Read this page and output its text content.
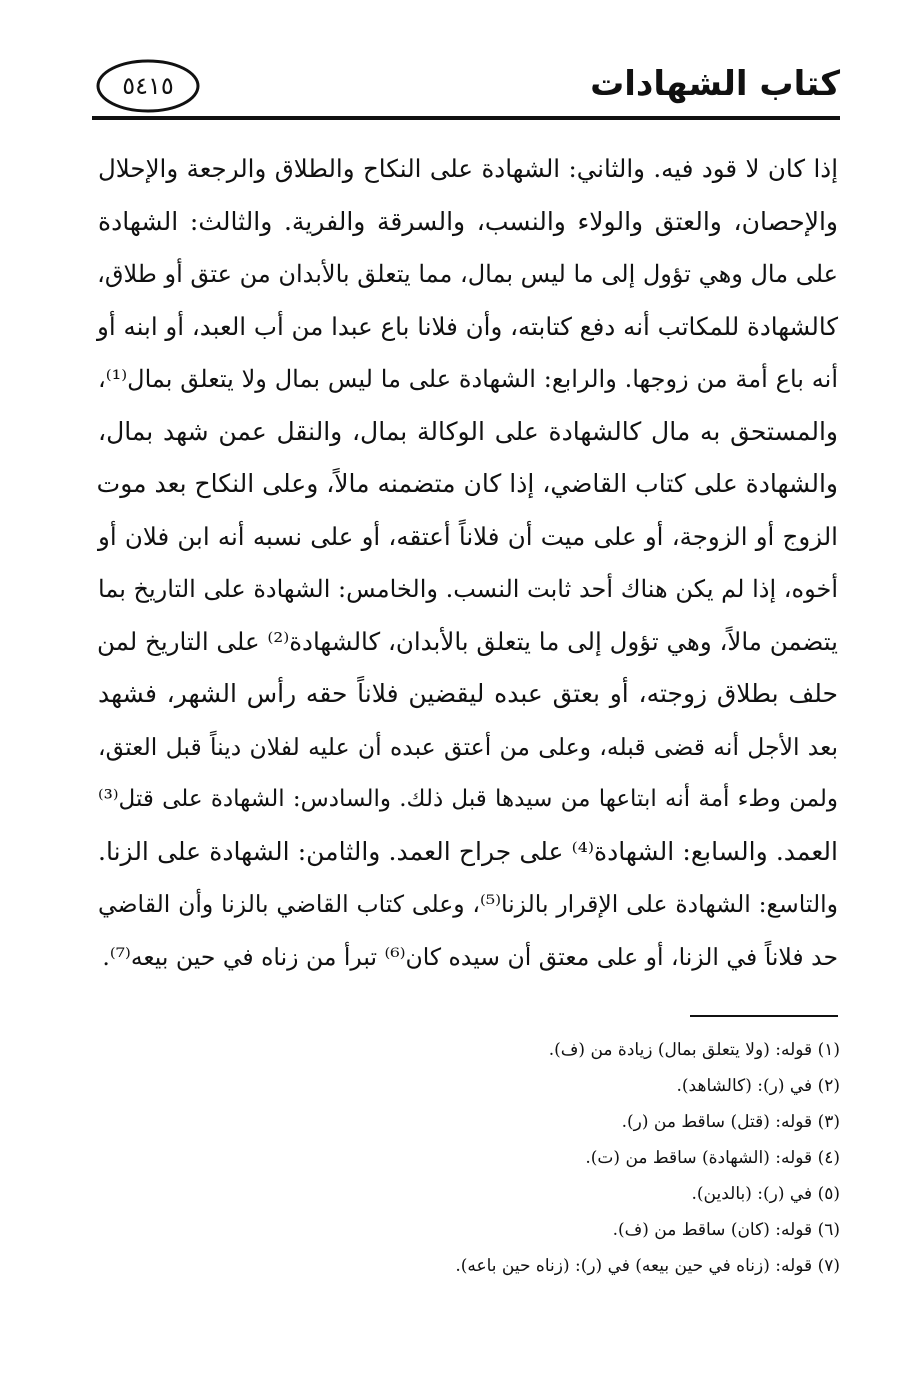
كتاب الشهادات
٥٤١٥
إذا كان لا قود فيه. والثاني: الشهادة على النكاح والطلاق والرجعة والإحلال
والإحصان، والعتق والولاء والنسب، والسرقة والفرية. والثالث: الشهادة
على مال وهي تؤول إلى ما ليس بمال، مما يتعلق بالأبدان من عتق أو طلاق،
كالشهادة للمكاتب أنه دفع كتابته، وأن فلانا باع عبدا من أب العبد، أو ابنه أو
أنه باع أمة من زوجها. والرابع: الشهادة على ما ليس بمال ولا يتعلق بمال⁽¹⁾،
والمستحق به مال كالشهادة على الوكالة بمال، والنقل عمن شهد بمال،
والشهادة على كتاب القاضي، إذا كان متضمنه مالاً، وعلى النكاح بعد موت
الزوج أو الزوجة، أو على ميت أن فلاناً أعتقه، أو على نسبه أنه ابن فلان أو
أخوه، إذا لم يكن هناك أحد ثابت النسب. والخامس: الشهادة على التاريخ بما
يتضمن مالاً، وهي تؤول إلى ما يتعلق بالأبدان، كالشهادة⁽²⁾ على التاريخ لمن
حلف بطلاق زوجته، أو بعتق عبده ليقضين فلاناً حقه رأس الشهر، فشهد
بعد الأجل أنه قضى قبله، وعلى من أعتق عبده أن عليه لفلان ديناً قبل العتق،
ولمن وطء أمة أنه ابتاعها من سيدها قبل ذلك. والسادس: الشهادة على قتل⁽³⁾
العمد. والسابع: الشهادة⁽⁴⁾ على جراح العمد. والثامن: الشهادة على الزنا.
والتاسع: الشهادة على الإقرار بالزنا⁽⁵⁾، وعلى كتاب القاضي بالزنا وأن القاضي
حد فلاناً في الزنا، أو على معتق أن سيده كان⁽⁶⁾ تبرأ من زناه في حين بيعه⁽⁷⁾.
(١) قوله: (ولا يتعلق بمال) زيادة من (ف).
(٢) في (ر): (كالشاهد).
(٣) قوله: (قتل) ساقط من (ر).
(٤) قوله: (الشهادة) ساقط من (ت).
(٥) في (ر): (بالدين).
(٦) قوله: (كان) ساقط من (ف).
(٧) قوله: (زناه في حين بيعه) في (ر): (زناه حين باعه).
